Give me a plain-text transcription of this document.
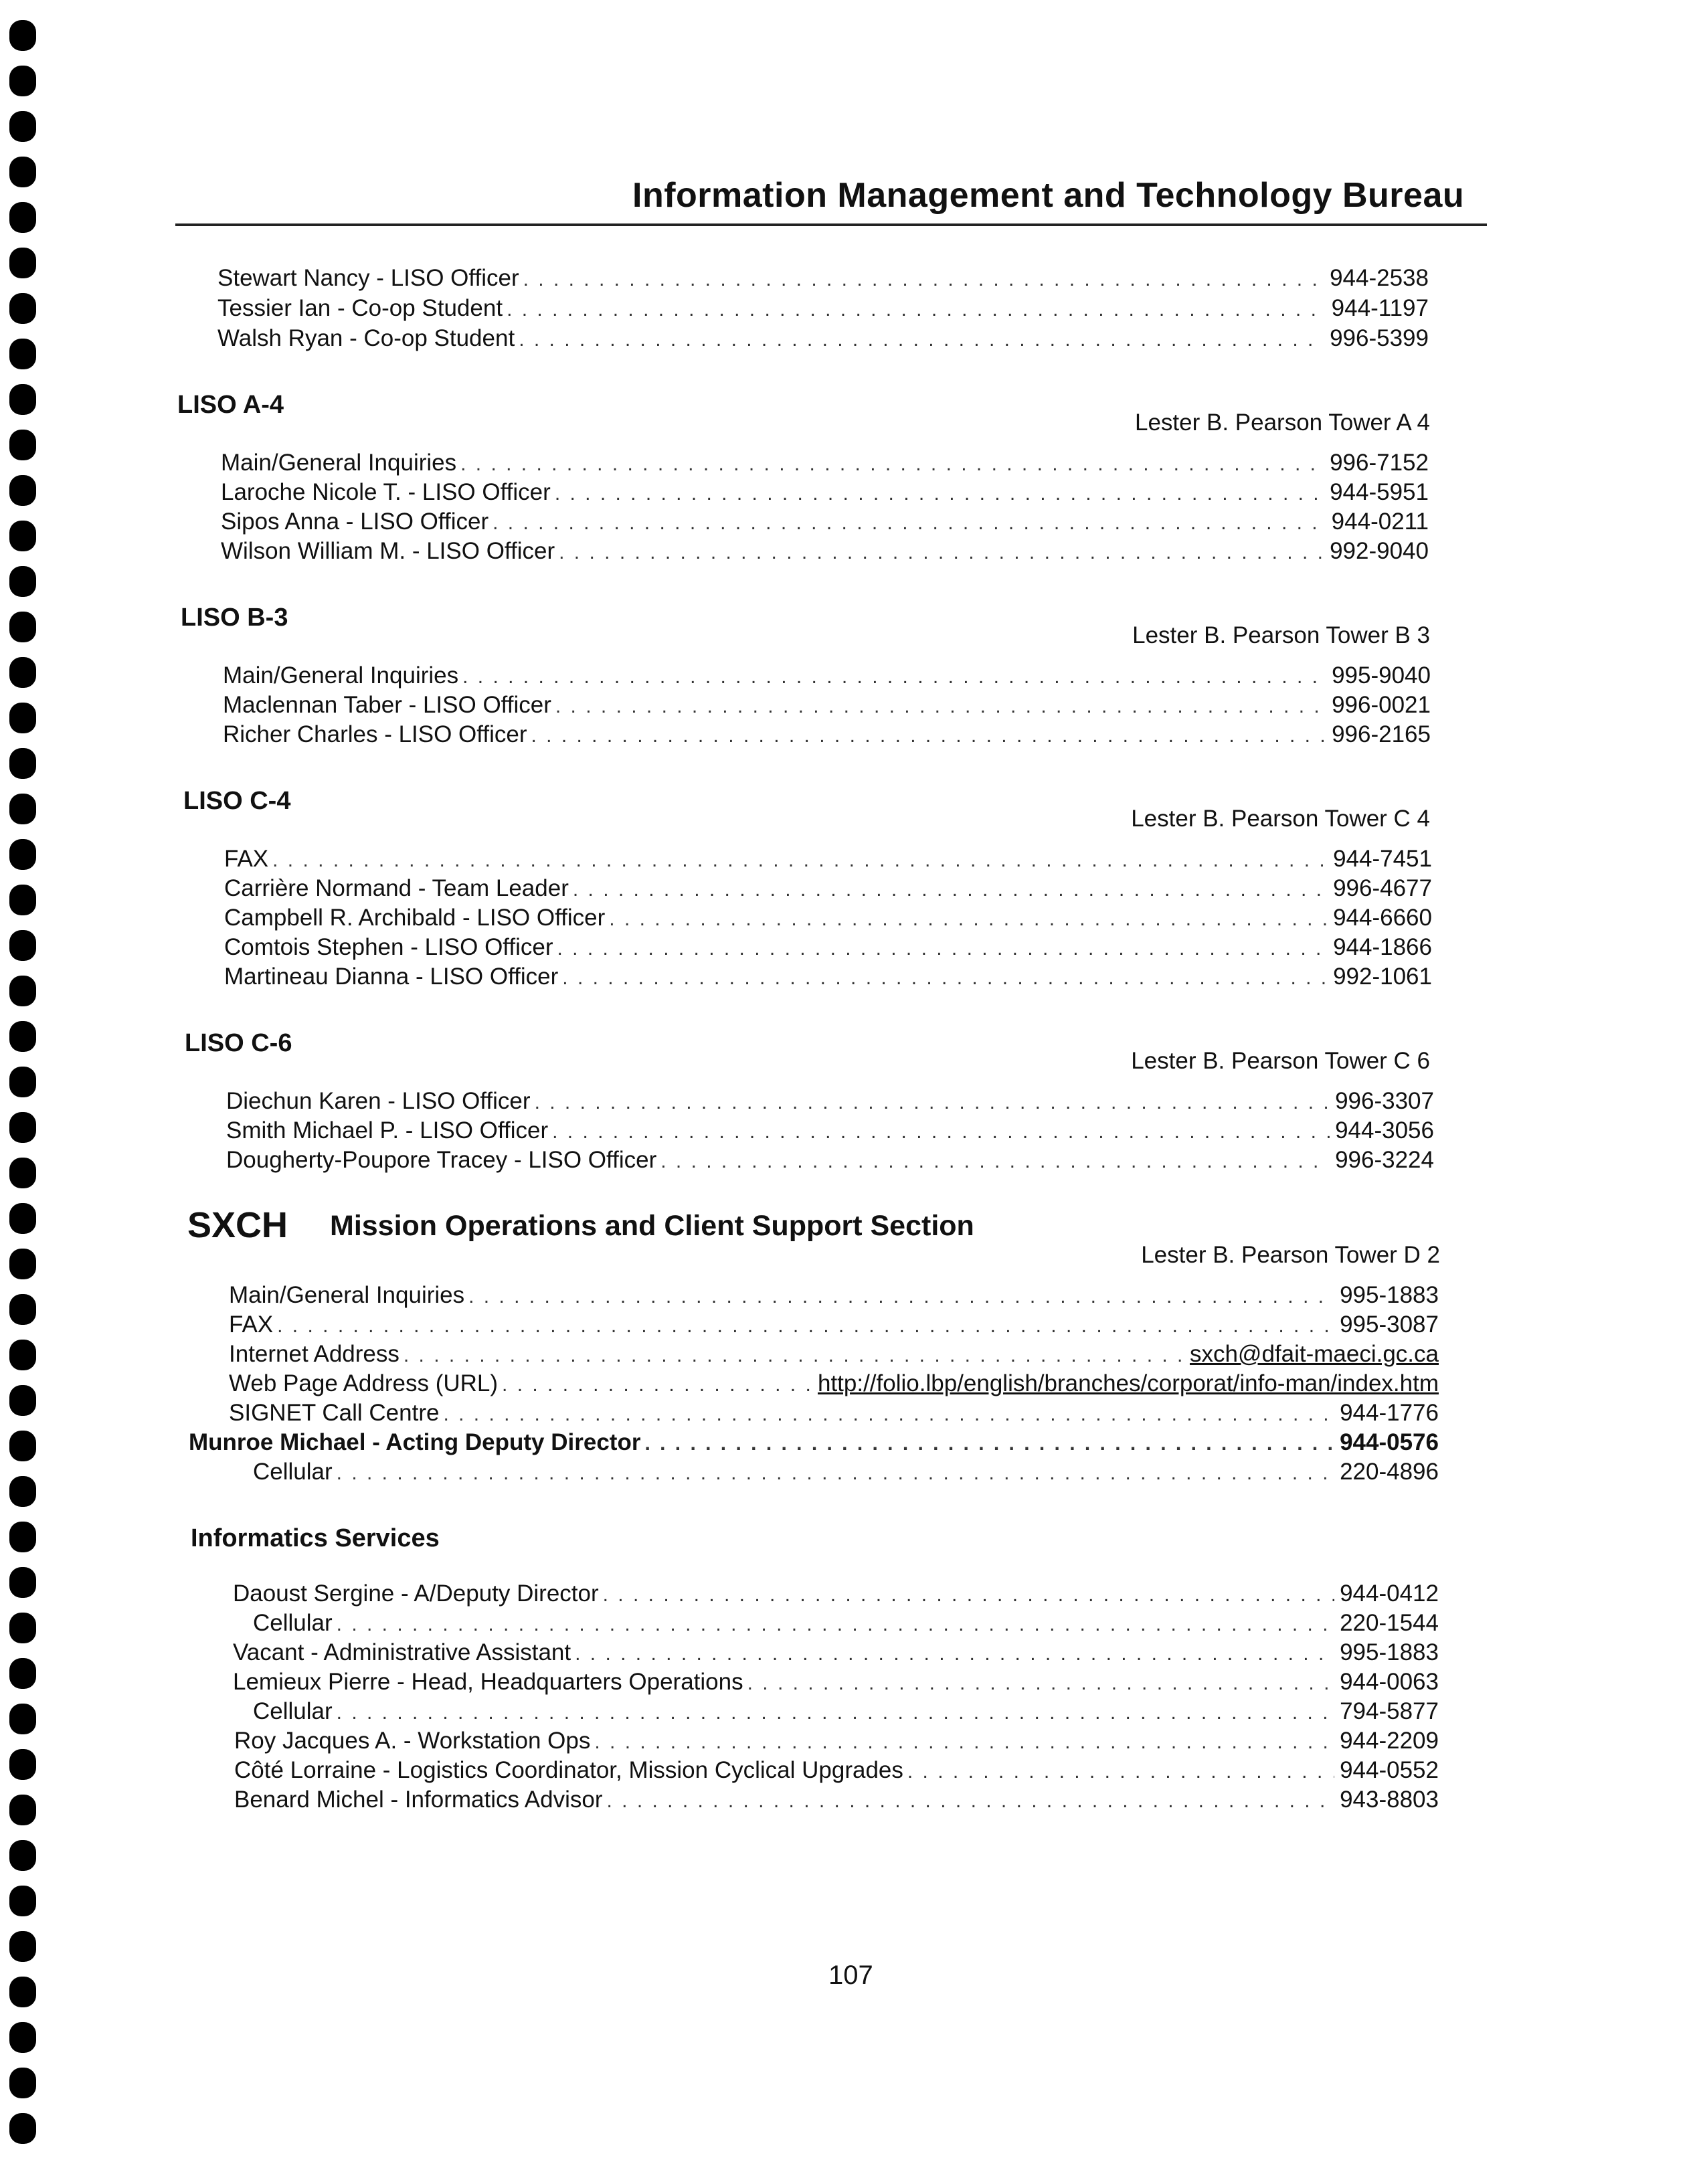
Information Management and Technology Bureau
Stewart Nancy - LISO Officer . . .	944-2538
Tessier Ian - Co-op Student . . .	944-1197
Walsh Ryan - Co-op Student . . .	996-5399
LISO A-4
Lester B. Pearson Tower A 4
Main/General Inquiries . . .	996-7152
Laroche Nicole T. - LISO Officer . . .	944-5951
Sipos Anna - LISO Officer . . .	944-0211
Wilson William M. - LISO Officer . . .	992-9040
LISO B-3
Lester B. Pearson Tower B 3
Main/General Inquiries . . .	995-9040
Maclennan Taber - LISO Officer . . .	996-0021
Richer Charles - LISO Officer . . .	996-2165
LISO C-4
Lester B. Pearson Tower C 4
FAX . . .	944-7451
Carrière Normand - Team Leader . . .	996-4677
Campbell R. Archibald - LISO Officer . . .	944-6660
Comtois Stephen - LISO Officer . . .	944-1866
Martineau Dianna - LISO Officer . . .	992-1061
LISO C-6
Lester B. Pearson Tower C 6
Diechun Karen - LISO Officer . . .	996-3307
Smith Michael P. - LISO Officer . . .	944-3056
Dougherty-Poupore Tracey - LISO Officer . . .	996-3224
SXCH Mission Operations and Client Support Section
Lester B. Pearson Tower D 2
Main/General Inquiries . . .	995-1883
FAX . . .	995-3087
Internet Address . . .	sxch@dfait-maeci.gc.ca
Web Page Address (URL) . . .	http://folio.lbp/english/branches/corporat/info-man/index.htm
SIGNET Call Centre . . .	944-1776
Munroe Michael - Acting Deputy Director . . .	944-0576
Cellular . . .	220-4896
Informatics Services
Daoust Sergine - A/Deputy Director . . .	944-0412
Cellular . . .	220-1544
Vacant - Administrative Assistant . . .	995-1883
Lemieux Pierre - Head, Headquarters Operations . . .	944-0063
Cellular . . .	794-5877
Roy Jacques A. - Workstation Ops . . .	944-2209
Côté Lorraine - Logistics Coordinator, Mission Cyclical Upgrades . . .	944-0552
Benard Michel - Informatics Advisor . . .	943-8803
107
